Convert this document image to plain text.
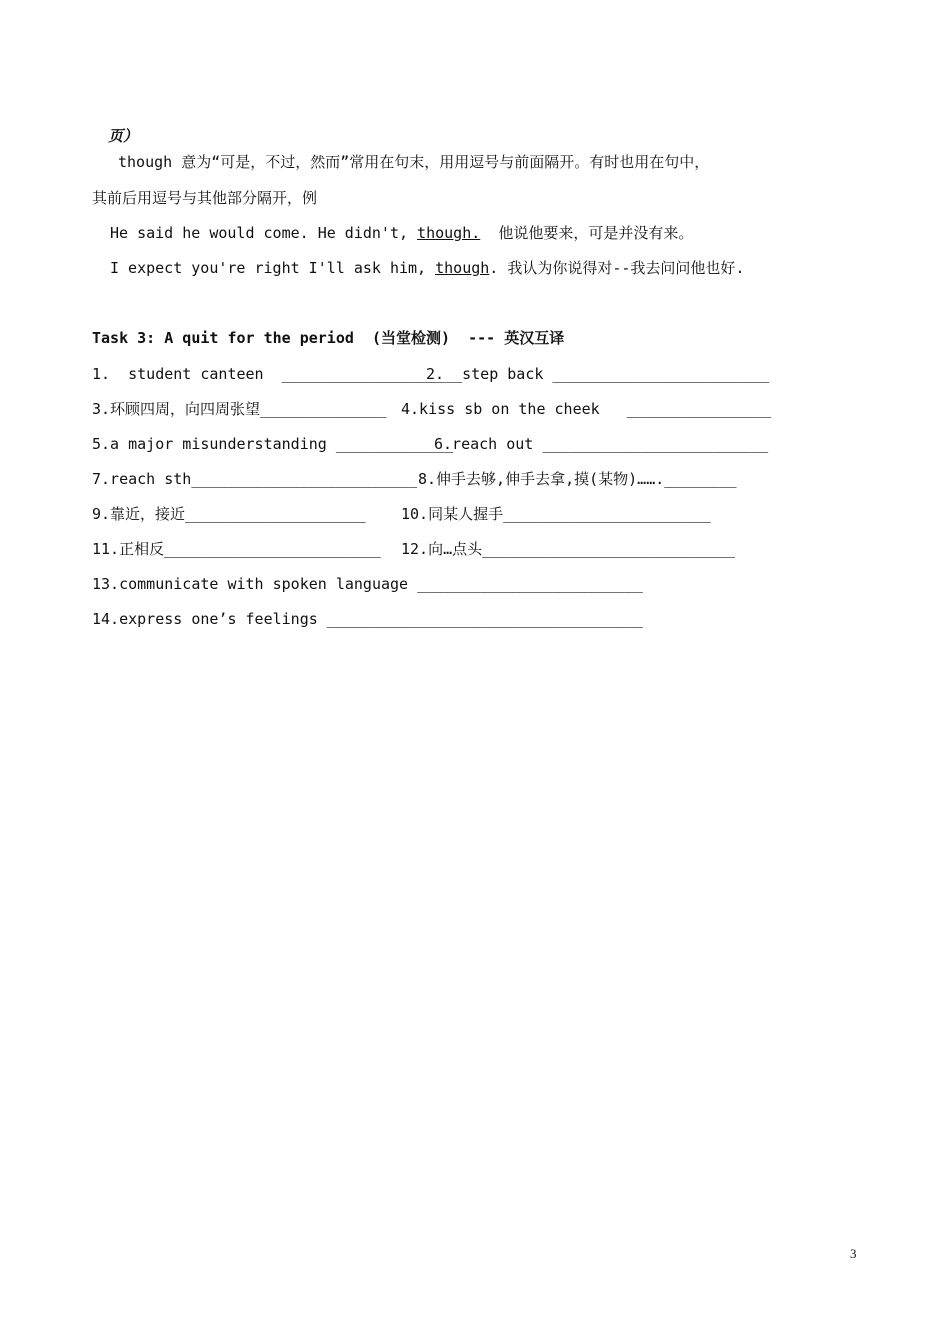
页）
though 意为“可是，不过，然而”常用在句末，用用逗号与前面隔开。有时也用在句中，
其前后用逗号与其他部分隔开，例
He said he would come. He didn't, though.  他说他要来，可是并没有来。
I expect you're right I'll ask him, though. 我认为你说得对--我去问问他也好.
Task 3: A quit for the period  (当堂检测)  --- 英汉互译
1.  student canteen  ____________________
2.  step back ________________________
3.环顾四周，向四周张望______________ 4.kiss sb on the cheek   ________________
5.a major misunderstanding _____________
6.reach out _________________________
7.reach sth_________________________ 8.伸手去够,伸手去拿,摸(某物)…….________
9.靠近，接近____________________ 10.同某人握手_______________________
11.正相反________________________ 12.向…点头____________________________
13.communicate with spoken language _________________________
14.express one’s feelings ___________________________________
3
